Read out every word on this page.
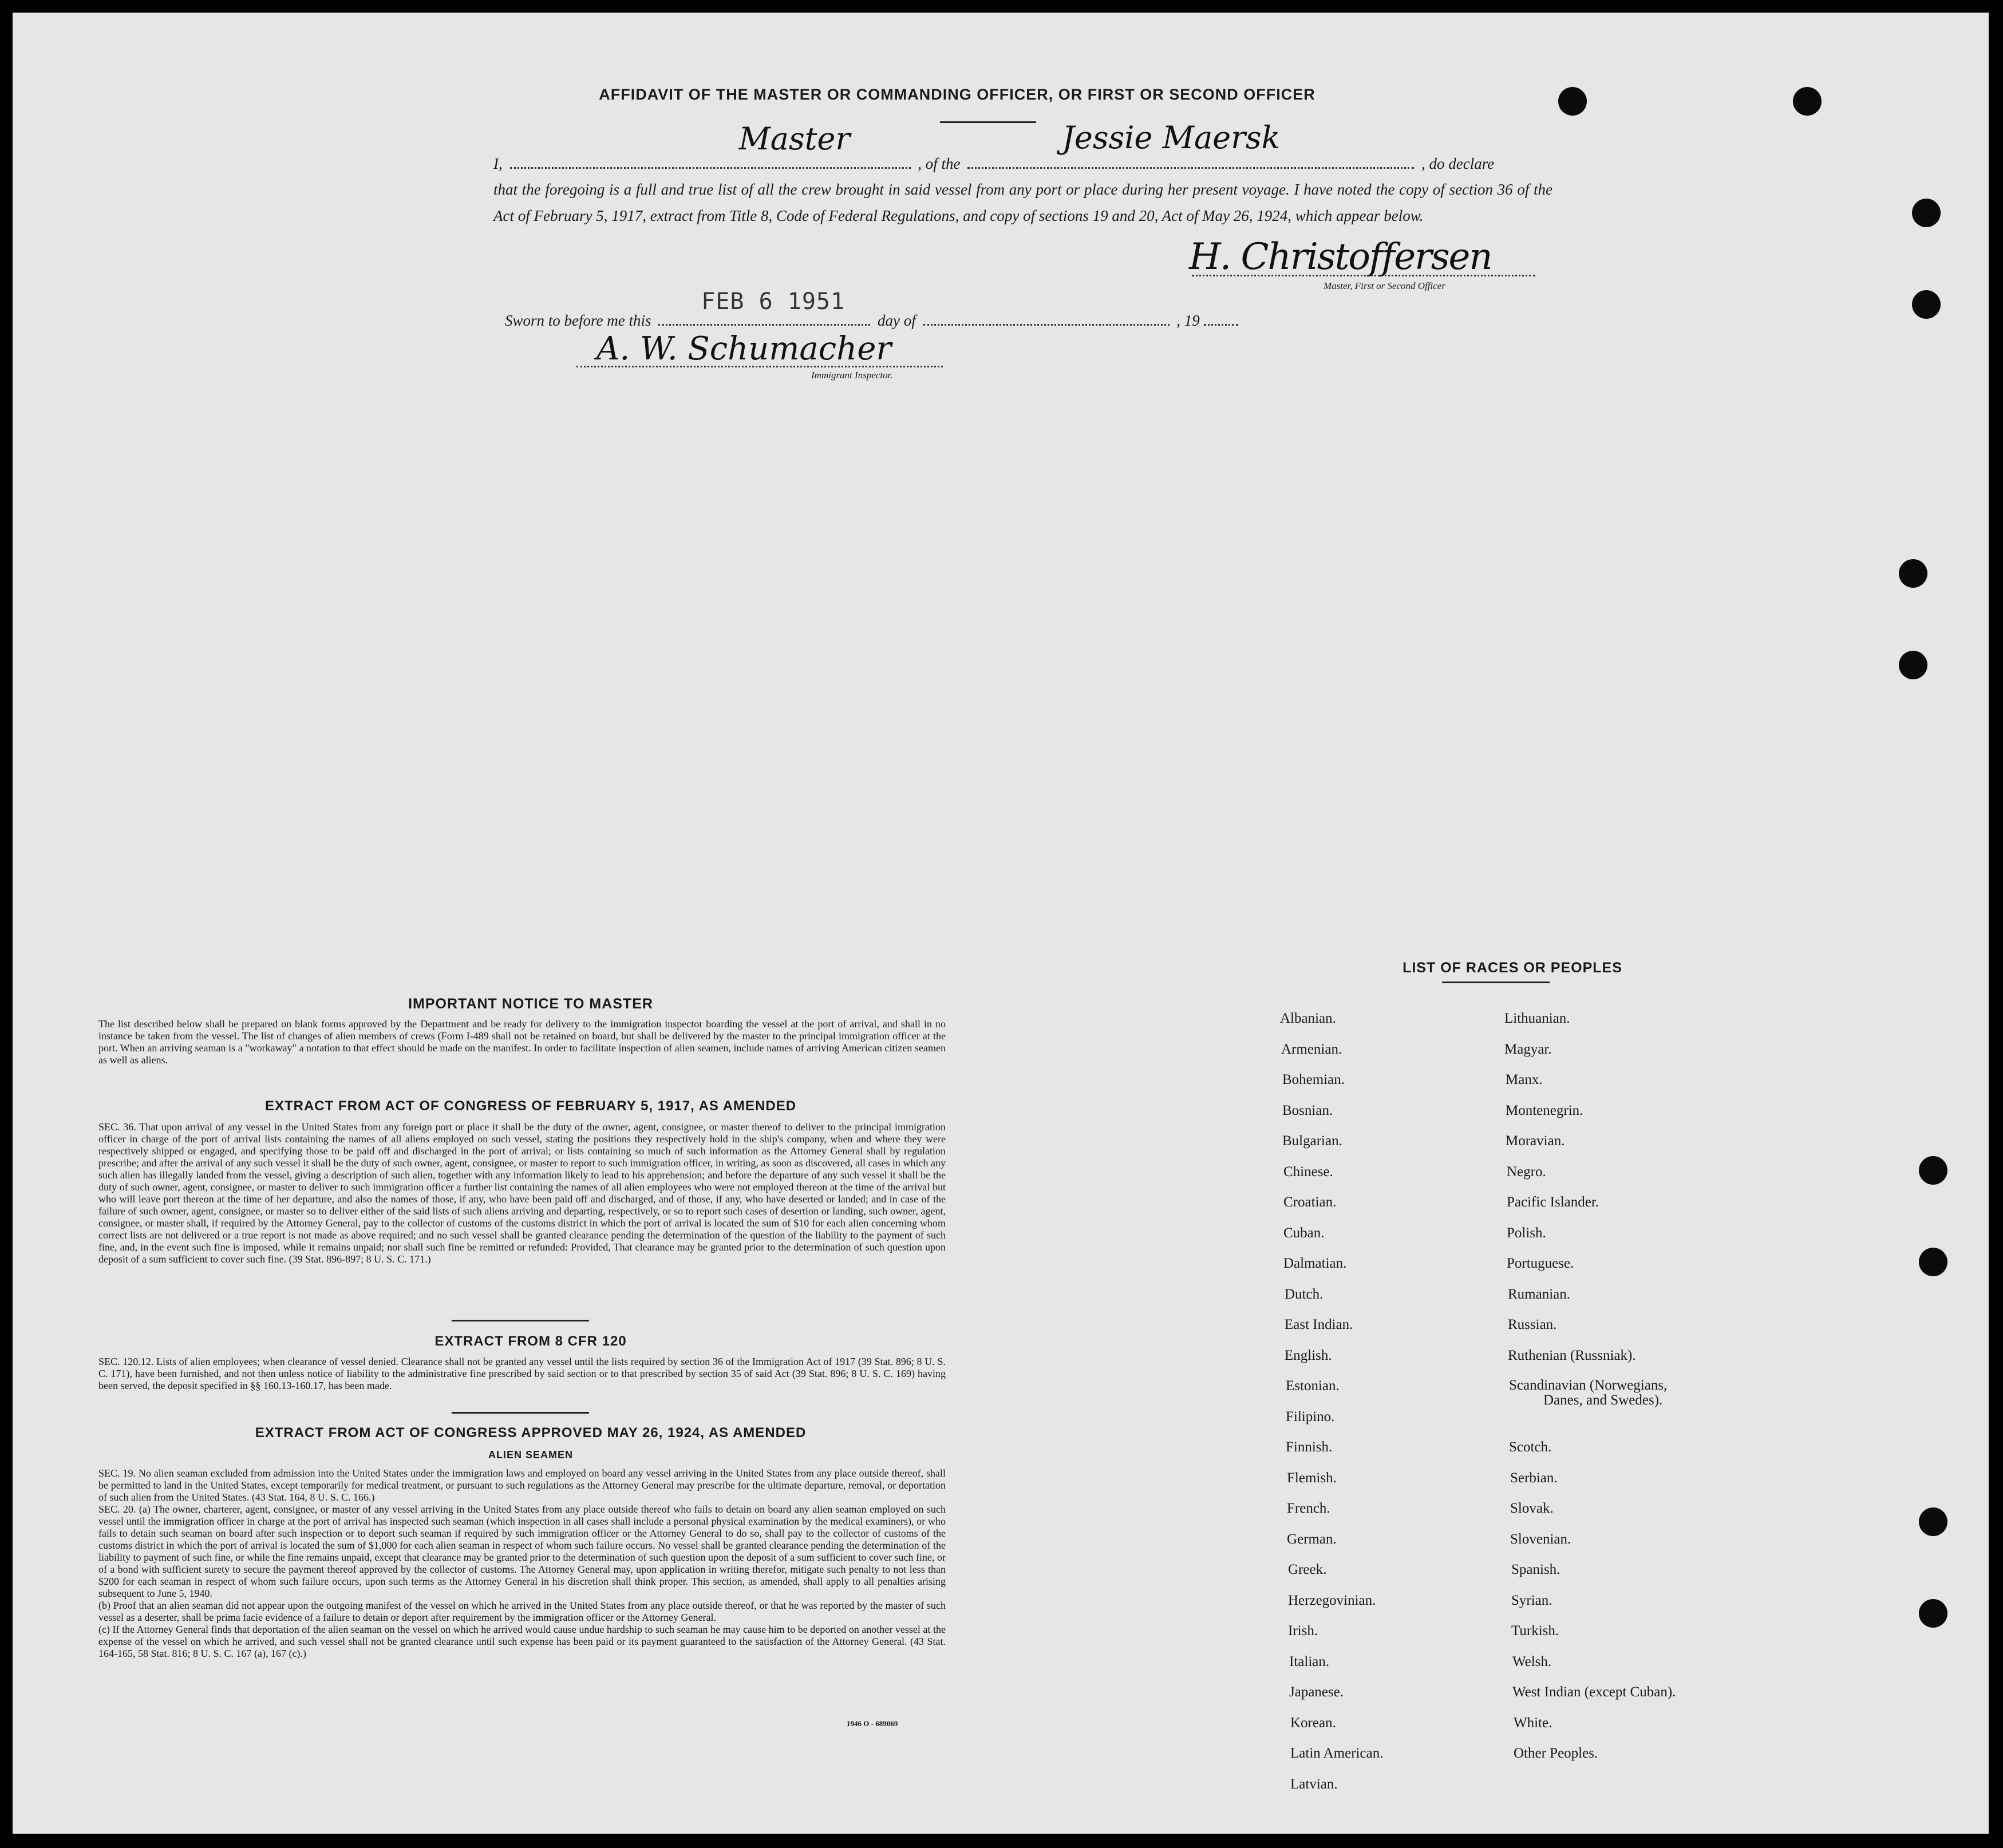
AFFIDAVIT OF THE MASTER OR COMMANDING OFFICER, OR FIRST OR SECOND OFFICER
I,
Master
, of the
Jessie Maersk
, do declare
that the foregoing is a full and true list of all the crew brought in said vessel from any port or place during her present voyage. I have noted the copy of section 36 of the Act of February 5, 1917, extract from Title 8, Code of Federal Regulations, and copy of sections 19 and 20, Act of May 26, 1924, which appear below.
H. Christoffersen
Master, First or Second Officer
Sworn to before me this
FEB 6 1951
day of	, 19
A. W. Schumacher
Immigrant Inspector.
IMPORTANT NOTICE TO MASTER
The list described below shall be prepared on blank forms approved by the Department and be ready for delivery to the immigration inspector boarding the vessel at the port of arrival, and shall in no instance be taken from the vessel. The list of changes of alien members of crews (Form I-489 shall not be retained on board, but shall be delivered by the master to the principal immigration officer at the port. When an arriving seaman is a "workaway" a notation to that effect should be made on the manifest. In order to facilitate inspection of alien seamen, include names of arriving American citizen seamen as well as aliens.
EXTRACT FROM ACT OF CONGRESS OF FEBRUARY 5, 1917, AS AMENDED
SEC. 36. That upon arrival of any vessel in the United States from any foreign port or place it shall be the duty of the owner, agent, consignee, or master thereof to deliver to the principal immigration officer in charge of the port of arrival lists containing the names of all aliens employed on such vessel, stating the positions they respectively hold in the ship's company, when and where they were respectively shipped or engaged, and specifying those to be paid off and discharged in the port of arrival; or lists containing so much of such information as the Attorney General shall by regulation prescribe; and after the arrival of any such vessel it shall be the duty of such owner, agent, consignee, or master to report to such immigration officer, in writing, as soon as discovered, all cases in which any such alien has illegally landed from the vessel, giving a description of such alien, together with any information likely to lead to his apprehension; and before the departure of any such vessel it shall be the duty of such owner, agent, consignee, or master to deliver to such immigration officer a further list containing the names of all alien employees who were not employed thereon at the time of the arrival but who will leave port thereon at the time of her departure, and also the names of those, if any, who have been paid off and discharged, and of those, if any, who have deserted or landed; and in case of the failure of such owner, agent, consignee, or master so to deliver either of the said lists of such aliens arriving and departing, respectively, or so to report such cases of desertion or landing, such owner, agent, consignee, or master shall, if required by the Attorney General, pay to the collector of customs of the customs district in which the port of arrival is located the sum of $10 for each alien concerning whom correct lists are not delivered or a true report is not made as above required; and no such vessel shall be granted clearance pending the determination of the question of the liability to the payment of such fine, and, in the event such fine is imposed, while it remains unpaid; nor shall such fine be remitted or refunded: Provided, That clearance may be granted prior to the determination of such question upon deposit of a sum sufficient to cover such fine. (39 Stat. 896-897; 8 U. S. C. 171.)
EXTRACT FROM 8 CFR 120
SEC. 120.12. Lists of alien employees; when clearance of vessel denied. Clearance shall not be granted any vessel until the lists required by section 36 of the Immigration Act of 1917 (39 Stat. 896; 8 U. S. C. 171), have been furnished, and not then unless notice of liability to the administrative fine prescribed by said section or to that prescribed by section 35 of said Act (39 Stat. 896; 8 U. S. C. 169) having been served, the deposit specified in §§ 160.13-160.17, has been made.
EXTRACT FROM ACT OF CONGRESS APPROVED MAY 26, 1924, AS AMENDED
ALIEN SEAMEN
SEC. 19. No alien seaman excluded from admission into the United States under the immigration laws and employed on board any vessel arriving in the United States from any place outside thereof, shall be permitted to land in the United States, except temporarily for medical treatment, or pursuant to such regulations as the Attorney General may prescribe for the ultimate departure, removal, or deportation of such alien from the United States. (43 Stat. 164, 8 U. S. C. 166.)
SEC. 20. (a) The owner, charterer, agent, consignee, or master of any vessel arriving in the United States from any place outside thereof who fails to detain on board any alien seaman employed on such vessel until the immigration officer in charge at the port of arrival has inspected such seaman (which inspection in all cases shall include a personal physical examination by the medical examiners), or who fails to detain such seaman on board after such inspection or to deport such seaman if required by such immigration officer or the Attorney General to do so, shall pay to the collector of customs of the customs district in which the port of arrival is located the sum of $1,000 for each alien seaman in respect of whom such failure occurs. No vessel shall be granted clearance pending the determination of the liability to payment of such fine, or while the fine remains unpaid, except that clearance may be granted prior to the determination of such question upon the deposit of a sum sufficient to cover such fine, or of a bond with sufficient surety to secure the payment thereof approved by the collector of customs. The Attorney General may, upon application in writing therefor, mitigate such penalty to not less than $200 for each seaman in respect of whom such failure occurs, upon such terms as the Attorney General in his discretion shall think proper. This section, as amended, shall apply to all penalties arising subsequent to June 5, 1940.
(b) Proof that an alien seaman did not appear upon the outgoing manifest of the vessel on which he arrived in the United States from any place outside thereof, or that he was reported by the master of such vessel as a deserter, shall be prima facie evidence of a failure to detain or deport after requirement by the immigration officer or the Attorney General.
(c) If the Attorney General finds that deportation of the alien seaman on the vessel on which he arrived would cause undue hardship to such seaman he may cause him to be deported on another vessel at the expense of the vessel on which he arrived, and such vessel shall not be granted clearance until such expense has been paid or its payment guaranteed to the satisfaction of the Attorney General. (43 Stat. 164-165, 58 Stat. 816; 8 U. S. C. 167 (a), 167 (c).)
1946 O - 689069
LIST OF RACES OR PEOPLES
Albanian.
Armenian.
Bohemian.
Bosnian.
Bulgarian.
Chinese.
Croatian.
Cuban.
Dalmatian.
Dutch.
East Indian.
English.
Estonian.
Filipino.
Finnish.
Flemish.
French.
German.
Greek.
Herzegovinian.
Irish.
Italian.
Japanese.
Korean.
Latin American.
Latvian.
Lithuanian.
Magyar.
Manx.
Montenegrin.
Moravian.
Negro.
Pacific Islander.
Polish.
Portuguese.
Rumanian.
Russian.
Ruthenian (Russniak).
Scandinavian (Norwegians,
Danes, and Swedes).
Scotch.
Serbian.
Slovak.
Slovenian.
Spanish.
Syrian.
Turkish.
Welsh.
West Indian (except Cuban).
White.
Other Peoples.
